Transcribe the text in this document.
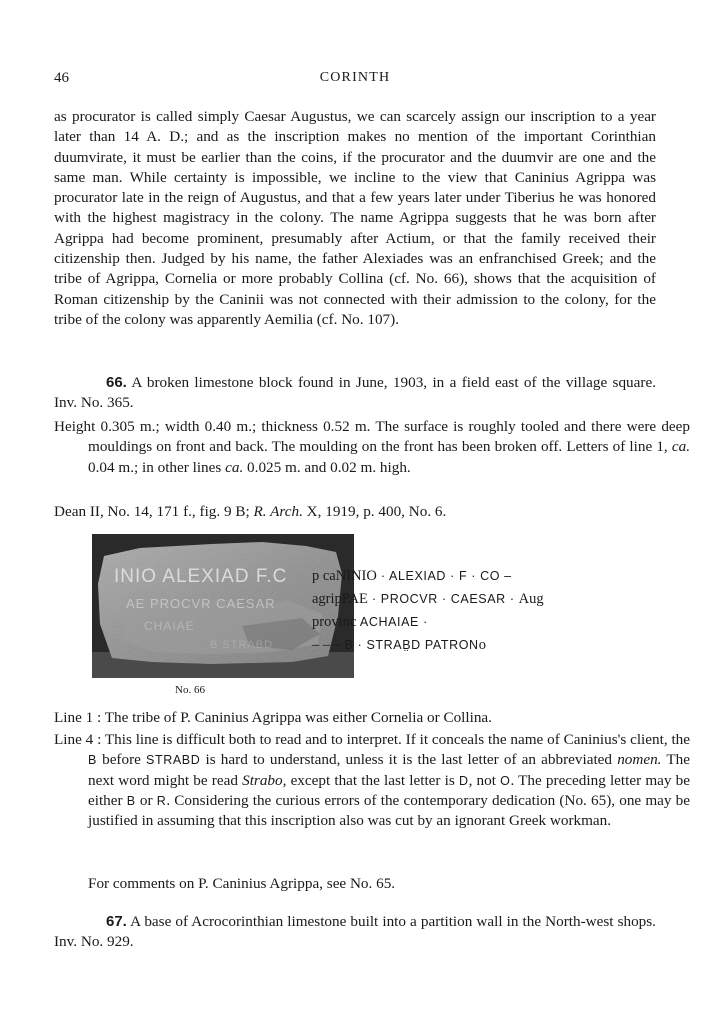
46	CORINTH

as procurator is called simply Caesar Augustus, we can scarcely assign our inscription to a year later than 14 A. D.; and as the inscription makes no mention of the important Corinthian duumvirate, it must be earlier than the coins, if the procurator and the duumvir are one and the same man. While certainty is impossible, we incline to the view that Caninius Agrippa was procurator late in the reign of Augustus, and that a few years later under Tiberius he was honored with the highest magistracy in the colony. The name Agrippa suggests that he was born after Agrippa had become prominent, presumably after Actium, or that the family received their citizenship then. Judged by his name, the father Alexiades was an enfranchised Greek; and the tribe of Agrippa, Cornelia or more probably Collina (cf. No. 66), shows that the acquisition of Roman citizenship by the Caninii was not connected with their admission to the colony, for the tribe of the colony was apparently Aemilia (cf. No. 107).

66. A broken limestone block found in June, 1903, in a field east of the village square. Inv. No. 365.

Height 0.305 m.; width 0.40 m.; thickness 0.52 m. The surface is roughly tooled and there were deep mouldings on front and back. The moulding on the front has been broken off. Letters of line 1, ca. 0.04 m.; in other lines ca. 0.025 m. and 0.02 m. high.

Dean II, No. 14, 171 f., fig. 9 B; R. Arch. X, 1919, p. 400, No. 6.

INIO ALEXIAD F.C
AE PROCVR CAESAR
CHAIAE
B STRABD
No. 66
p caNINIO · ALEXIAD · F · CO –
agripPAE · PROCVR · CAESAR · Aug
provinc ACHAIAE ·
– – – B · STRAB̤D PATRONo

Line 1 : The tribe of P. Caninius Agrippa was either Cornelia or Collina.

Line 4 : This line is difficult both to read and to interpret. If it conceals the name of Caninius's client, the B before STRABD is hard to understand, unless it is the last letter of an abbreviated nomen. The next word might be read Strabo, except that the last letter is D, not O. The preceding letter may be either B or R. Considering the curious errors of the contemporary dedication (No. 65), one may be justified in assuming that this inscription also was cut by an ignorant Greek workman.

For comments on P. Caninius Agrippa, see No. 65.

67. A base of Acrocorinthian limestone built into a partition wall in the North-west shops. Inv. No. 929.
